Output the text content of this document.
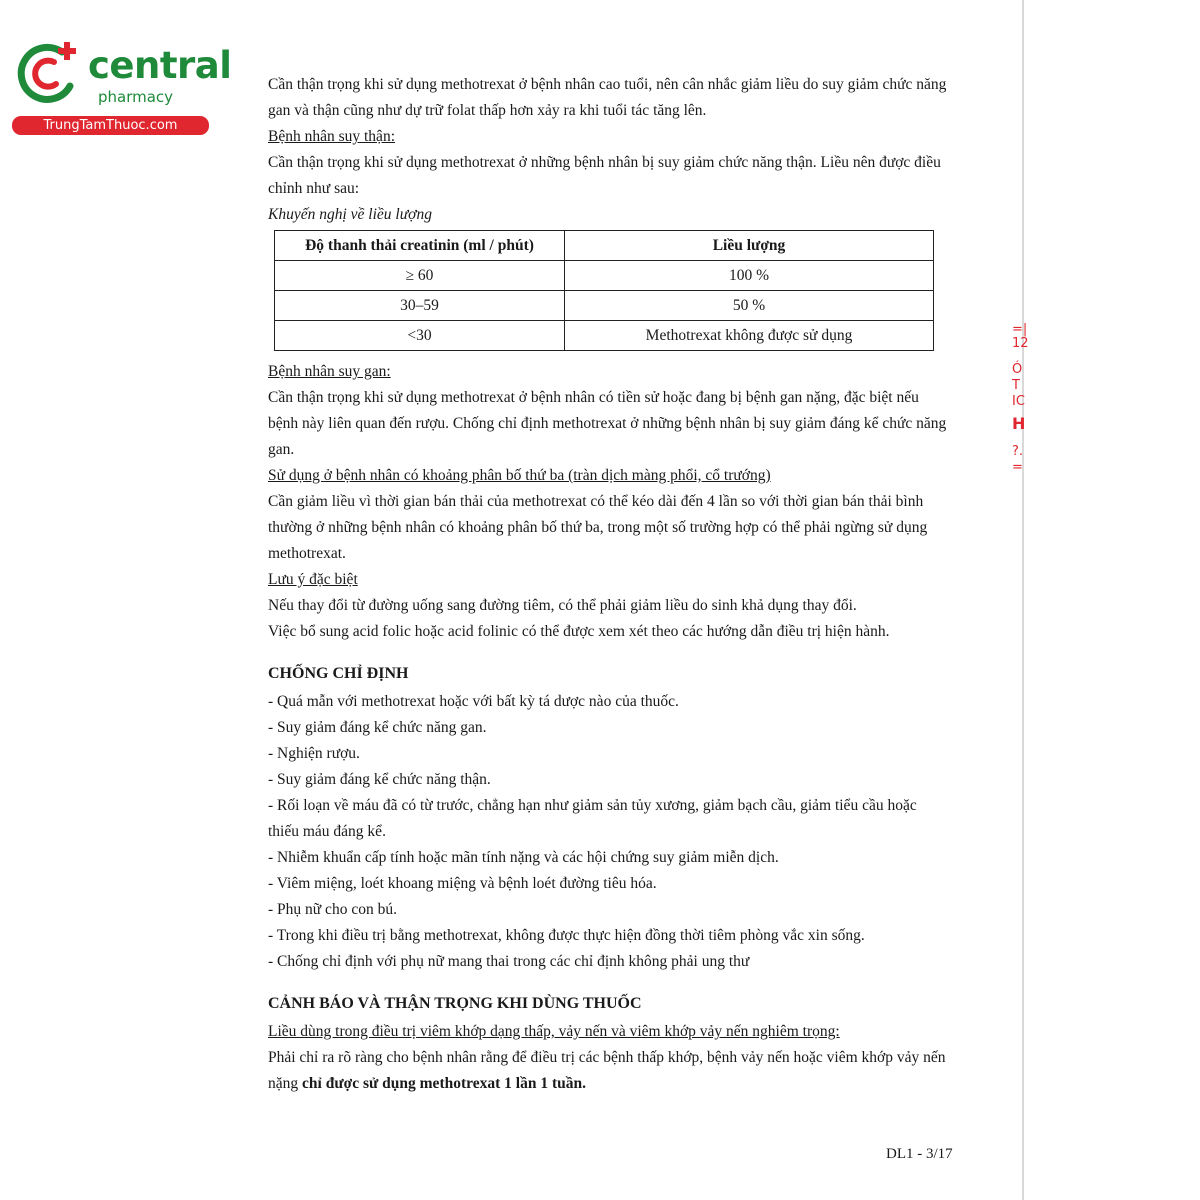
central
pharmacy
TrungTamThuoc.com
=|
12
Ó
T
IC
H
?.
=

Cần thận trọng khi sử dụng methotrexat ở bệnh nhân cao tuổi, nên cân nhắc giảm liều do suy giảm chức năng gan và thận cũng như dự trữ folat thấp hơn xảy ra khi tuổi tác tăng lên.

Bệnh nhân suy thận:

Cần thận trọng khi sử dụng methotrexat ở những bệnh nhân bị suy giảm chức năng thận. Liều nên được điều chỉnh như sau:

Khuyến nghị về liều lượng

Độ thanh thải creatinin (ml / phút)	Liều lượng
≥ 60	100 %
30–59	50 %
<30	Methotrexat không được sử dụng

Bệnh nhân suy gan:

Cần thận trọng khi sử dụng methotrexat ở bệnh nhân có tiền sử hoặc đang bị bệnh gan nặng, đặc biệt nếu bệnh này liên quan đến rượu. Chống chỉ định methotrexat ở những bệnh nhân bị suy giảm đáng kể chức năng gan.

Sử dụng ở bệnh nhân có khoảng phân bố thứ ba (tràn dịch màng phổi, cổ trướng)

Cần giảm liều vì thời gian bán thải của methotrexat có thể kéo dài đến 4 lần so với thời gian bán thải bình thường ở những bệnh nhân có khoảng phân bố thứ ba, trong một số trường hợp có thể phải ngừng sử dụng methotrexat.

Lưu ý đặc biệt

Nếu thay đổi từ đường uống sang đường tiêm, có thể phải giảm liều do sinh khả dụng thay đổi.

Việc bổ sung acid folic hoặc acid folinic có thể được xem xét theo các hướng dẫn điều trị hiện hành.

CHỐNG CHỈ ĐỊNH

- Quá mẫn với methotrexat hoặc với bất kỳ tá dược nào của thuốc.

- Suy giảm đáng kể chức năng gan.

- Nghiện rượu.

- Suy giảm đáng kể chức năng thận.

- Rối loạn về máu đã có từ trước, chẳng hạn như giảm sản tủy xương, giảm bạch cầu, giảm tiểu cầu hoặc thiếu máu đáng kể.

- Nhiễm khuẩn cấp tính hoặc mãn tính nặng và các hội chứng suy giảm miễn dịch.

- Viêm miệng, loét khoang miệng và bệnh loét đường tiêu hóa.

- Phụ nữ cho con bú.

- Trong khi điều trị bằng methotrexat, không được thực hiện đồng thời tiêm phòng vắc xin sống.

- Chống chỉ định với phụ nữ mang thai trong các chỉ định không phải ung thư

CẢNH BÁO VÀ THẬN TRỌNG KHI DÙNG THUỐC

Liều dùng trong điều trị viêm khớp dạng thấp, vảy nến và viêm khớp vảy nến nghiêm trọng:

Phải chỉ ra rõ ràng cho bệnh nhân rằng để điều trị các bệnh thấp khớp, bệnh vảy nến hoặc viêm khớp vảy nến nặng chỉ được sử dụng methotrexat 1 lần 1 tuần.

DL1 - 3/17
